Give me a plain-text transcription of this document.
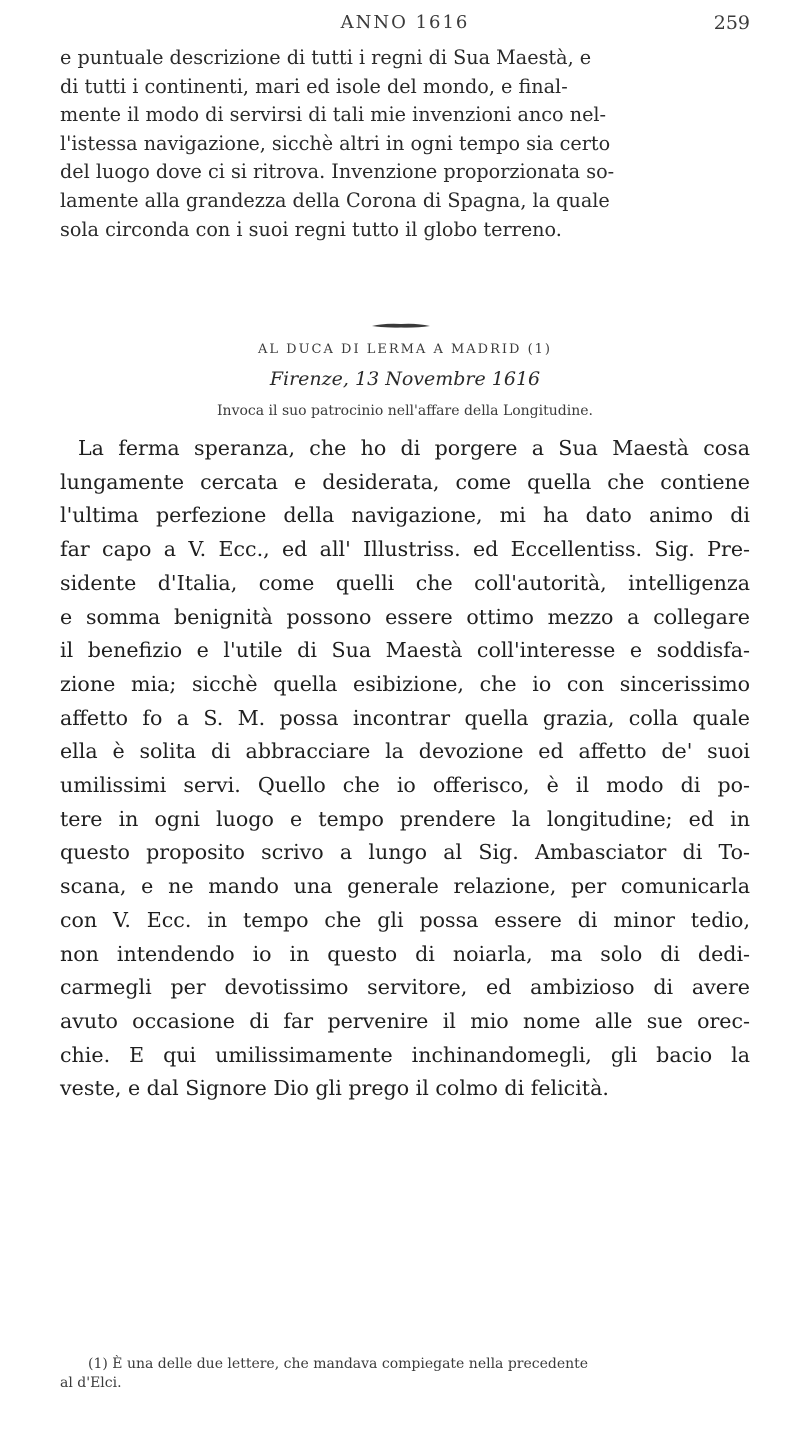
ANNO 1616	259
e puntuale descrizione di tutti i regni di Sua Maestà, e
di tutti i continenti, mari ed isole del mondo, e final-
mente il modo di servirsi di tali mie invenzioni anco nel-
l'istessa navigazione, sicchè altri in ogni tempo sia certo
del luogo dove ci si ritrova. Invenzione proporzionata so-
lamente alla grandezza della Corona di Spagna, la quale
sola circonda con i suoi regni tutto il globo terreno.
AL DUCA DI LERMA A MADRID (1)
Firenze, 13 Novembre 1616
Invoca il suo patrocinio nell'affare della Longitudine.
La ferma speranza, che ho di porgere a Sua Maestà cosa
lungamente cercata e desiderata, come quella che contiene
l'ultima perfezione della navigazione, mi ha dato animo di
far capo a V. Ecc., ed all' Illustriss. ed Eccellentiss. Sig. Pre-
sidente d'Italia, come quelli che coll'autorità, intelligenza
e somma benignità possono essere ottimo mezzo a collegare
il benefizio e l'utile di Sua Maestà coll'interesse e soddisfa-
zione mia; sicchè quella esibizione, che io con sincerissimo
affetto fo a S. M. possa incontrar quella grazia, colla quale
ella è solita di abbracciare la devozione ed affetto de' suoi
umilissimi servi. Quello che io offerisco, è il modo di po-
tere in ogni luogo e tempo prendere la longitudine; ed in
questo proposito scrivo a lungo al Sig. Ambasciator di To-
scana, e ne mando una generale relazione, per comunicarla
con V. Ecc. in tempo che gli possa essere di minor tedio,
non intendendo io in questo di noiarla, ma solo di dedi-
carmegli per devotissimo servitore, ed ambizioso di avere
avuto occasione di far pervenire il mio nome alle sue orec-
chie. E qui umilissimamente inchinandomegli, gli bacio la
veste, e dal Signore Dio gli prego il colmo di felicità.
(1) È una delle due lettere, che mandava compiegate nella precedente
al d'Elci.
